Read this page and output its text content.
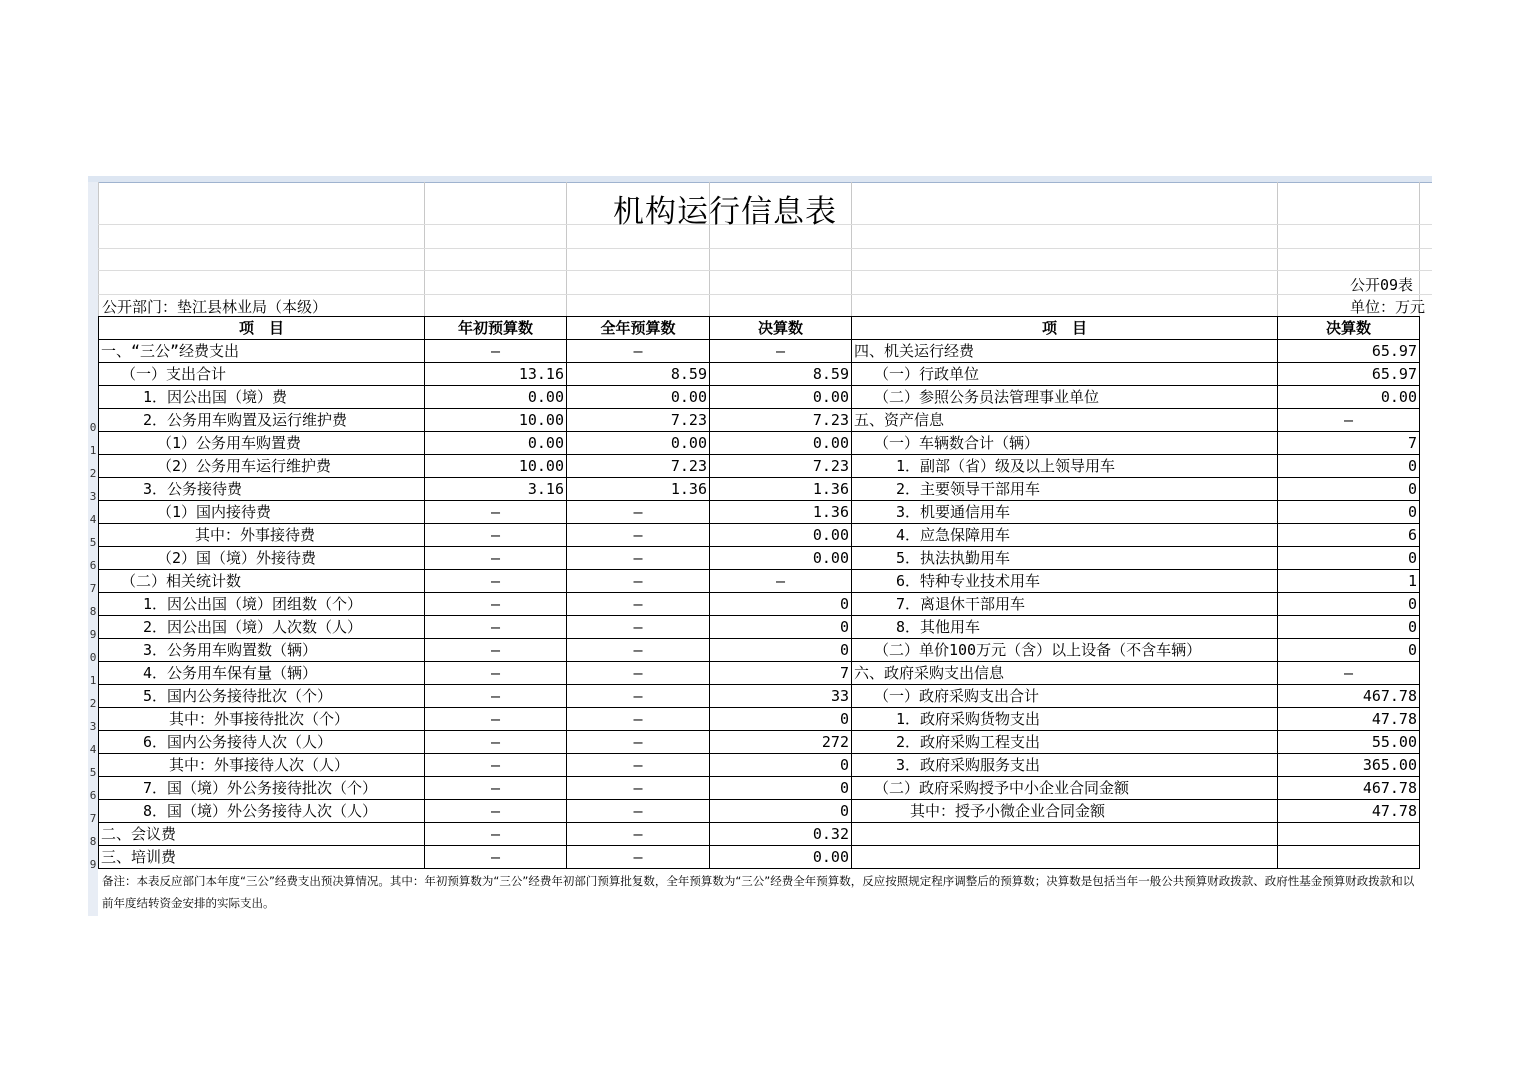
0
1
2
3
4
5
6
7
8
9
0
1
2
3
4
5
6
7
8
9
机构运行信息表
公开09表
公开部门：垫江县林业局（本级）	单位：万元
项　目	年初预算数	全年预算数	决算数	项　目	决算数
一、“三公”经费支出	—	—	—	四、机关运行经费	65.97
（一）支出合计	13.16	8.59	8.59	（一）行政单位	65.97
1．因公出国（境）费	0.00	0.00	0.00	（二）参照公务员法管理事业单位	0.00
2．公务用车购置及运行维护费	10.00	7.23	7.23	五、资产信息	—
（1）公务用车购置费	0.00	0.00	0.00	（一）车辆数合计（辆）	7
（2）公务用车运行维护费	10.00	7.23	7.23	1．副部（省）级及以上领导用车	0
3．公务接待费	3.16	1.36	1.36	2．主要领导干部用车	0
（1）国内接待费	—	—	1.36	3．机要通信用车	0
其中：外事接待费	—	—	0.00	4．应急保障用车	6
（2）国（境）外接待费	—	—	0.00	5．执法执勤用车	0
（二）相关统计数	—	—	—	6．特种专业技术用车	1
1．因公出国（境）团组数（个）	—	—	0	7．离退休干部用车	0
2．因公出国（境）人次数（人）	—	—	0	8．其他用车	0
3．公务用车购置数（辆）	—	—	0	（二）单价100万元（含）以上设备（不含车辆）	0
4．公务用车保有量（辆）	—	—	7	六、政府采购支出信息	—
5．国内公务接待批次（个）	—	—	33	（一）政府采购支出合计	467.78
其中：外事接待批次（个）	—	—	0	1．政府采购货物支出	47.78
6．国内公务接待人次（人）	—	—	272	2．政府采购工程支出	55.00
其中：外事接待人次（人）	—	—	0	3．政府采购服务支出	365.00
7．国（境）外公务接待批次（个）	—	—	0	（二）政府采购授予中小企业合同金额	467.78
8．国（境）外公务接待人次（人）	—	—	0	其中：授予小微企业合同金额	47.78
二、会议费	—	—	0.32		
三、培训费	—	—	0.00		
备注：本表反应部门本年度“三公”经费支出预决算情况。其中：年初预算数为“三公”经费年初部门预算批复数，全年预算数为“三公”经费全年预算数，反应按照规定程序调整后的预算数；决算数是包括当年一般公共预算财政拨款、政府性基金预算财政拨款和以前年度结转资金安排的实际支出。
